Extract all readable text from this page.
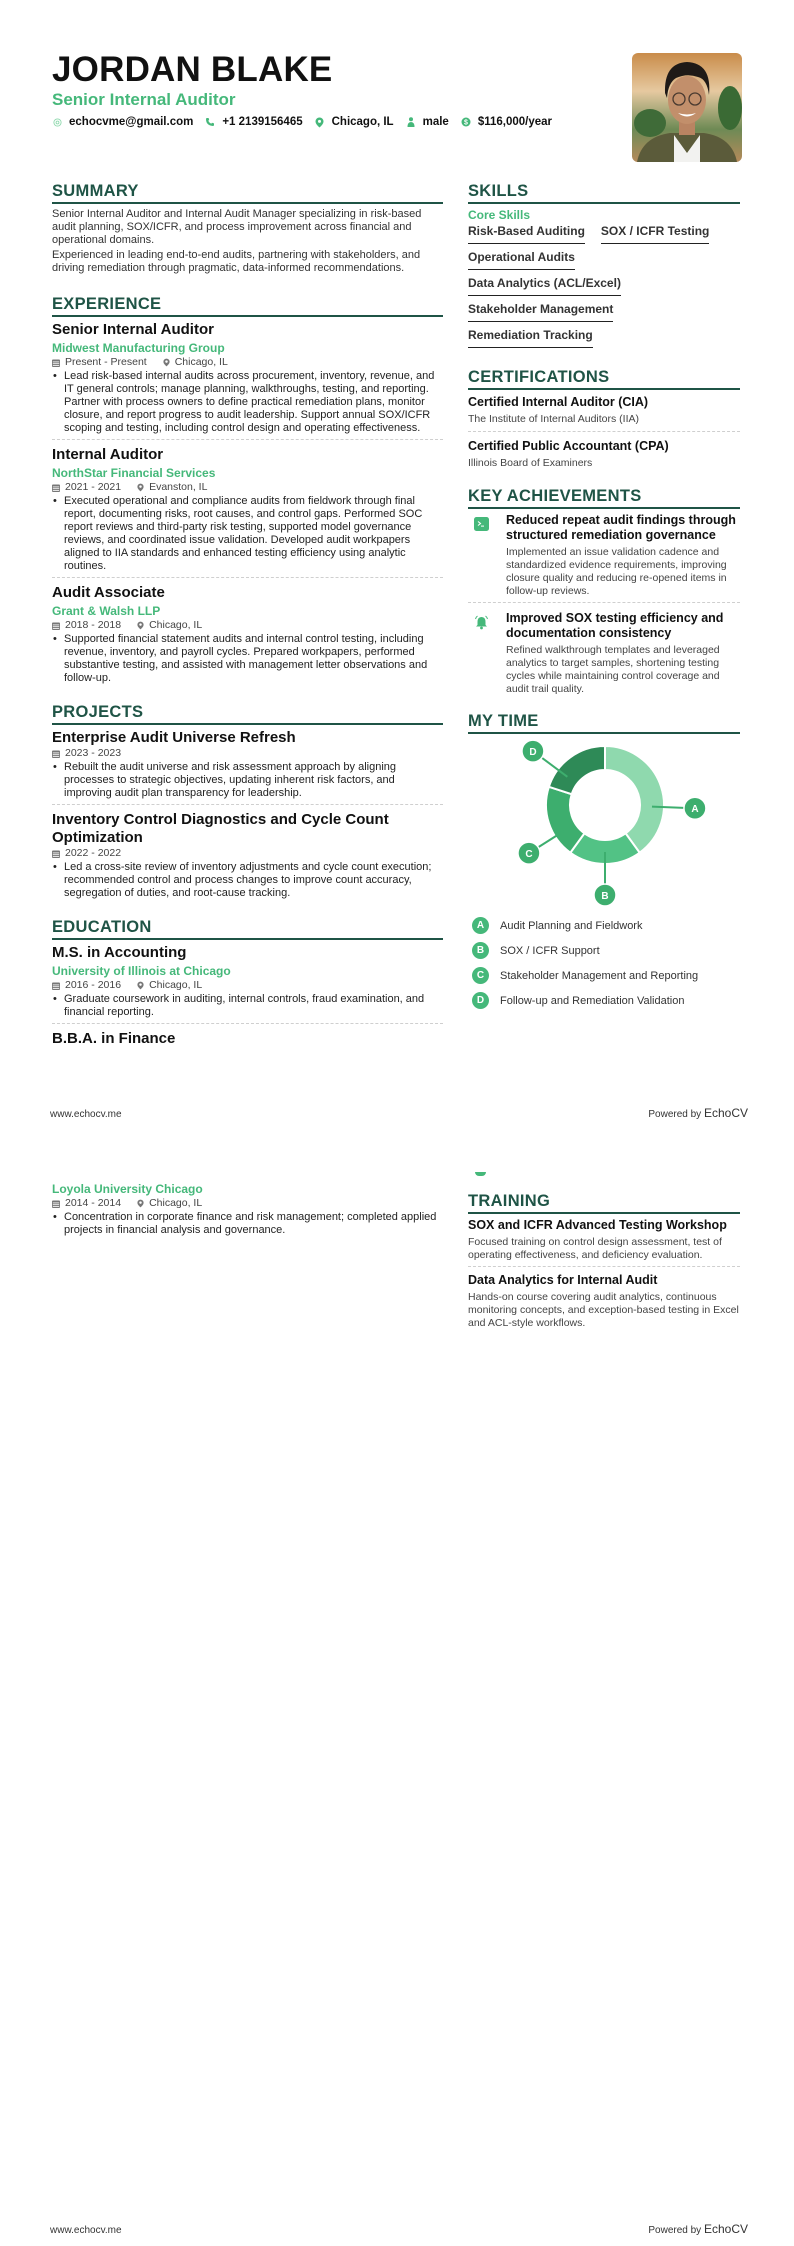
JORDAN BLAKE
Senior Internal Auditor
echocvme@gmail.com	+1 2139156465	Chicago, IL	male $ $116,000/year
SUMMARY

Senior Internal Auditor and Internal Audit Manager specializing in risk-based audit planning, SOX/ICFR, and process improvement across financial and operational domains.

Experienced in leading end-to-end audits, partnering with stakeholders, and driving remediation through pragmatic, data-informed recommendations.

EXPERIENCE
Senior Internal Auditor
Midwest Manufacturing Group
Present - Present	Chicago, IL
• Lead risk-based internal audits across procurement, inventory, revenue, and IT general controls; manage planning, walkthroughs, testing, and reporting. Partner with process owners to define practical remediation plans, monitor closure, and report progress to audit leadership. Support annual SOX/ICFR scoping and testing, including control design and operating effectiveness.
Internal Auditor
NorthStar Financial Services
2021 - 2021	Evanston, IL
• Executed operational and compliance audits from fieldwork through final report, documenting risks, root causes, and control gaps. Performed SOC report reviews and third-party risk testing, supported model governance reviews, and coordinated issue validation. Developed audit workpapers aligned to IIA standards and enhanced testing efficiency using analytic routines.
Audit Associate
Grant & Walsh LLP
2018 - 2018	Chicago, IL
• Supported financial statement audits and internal control testing, including revenue, inventory, and payroll cycles. Prepared workpapers, performed substantive testing, and assisted with management letter observations and follow-up.
PROJECTS
Enterprise Audit Universe Refresh
2023 - 2023
• Rebuilt the audit universe and risk assessment approach by aligning processes to strategic objectives, updating inherent risk factors, and improving audit plan transparency for leadership.
Inventory Control Diagnostics and Cycle Count Optimization
2022 - 2022
• Led a cross-site review of inventory adjustments and cycle count execution; recommended control and process changes to improve count accuracy, segregation of duties, and root-cause tracking.
EDUCATION
M.S. in Accounting
University of Illinois at Chicago
2016 - 2016	Chicago, IL
• Graduate coursework in auditing, internal controls, fraud examination, and financial reporting.
B.B.A. in Finance
Loyola University Chicago
2014 - 2014	Chicago, IL
• Concentration in corporate finance and risk management; completed applied projects in financial analysis and governance.
SKILLS
Core Skills
Risk-Based Auditing SOX / ICFR Testing
Operational Audits
Data Analytics (ACL/Excel)
Stakeholder Management
Remediation Tracking
CERTIFICATIONS
Certified Internal Auditor (CIA)
The Institute of Internal Auditors (IIA)
Certified Public Accountant (CPA)
Illinois Board of Examiners
KEY ACHIEVEMENTS
Reduced repeat audit findings through structured remediation governance
Implemented an issue validation cadence and standardized evidence requirements, improving closure quality and reducing re-opened items in follow-up reviews.
Improved SOX testing efficiency and documentation consistency
Refined walkthrough templates and leveraged analytics to target samples, shortening testing cycles while maintaining control coverage and audit trail quality.
MY TIME
A
B
C
D
A	Audit Planning and Fieldwork
B	SOX / ICFR Support
C	Stakeholder Management and Reporting
D	Follow-up and Remediation Validation
TRAINING
SOX and ICFR Advanced Testing Workshop
Focused training on control design assessment, test of operating effectiveness, and deficiency evaluation.
Data Analytics for Internal Audit
Hands-on course covering audit analytics, continuous monitoring concepts, and exception-based testing in Excel and ACL-style workflows.
www.echocv.me	Powered by EchoCV
www.echocv.me	Powered by EchoCV
